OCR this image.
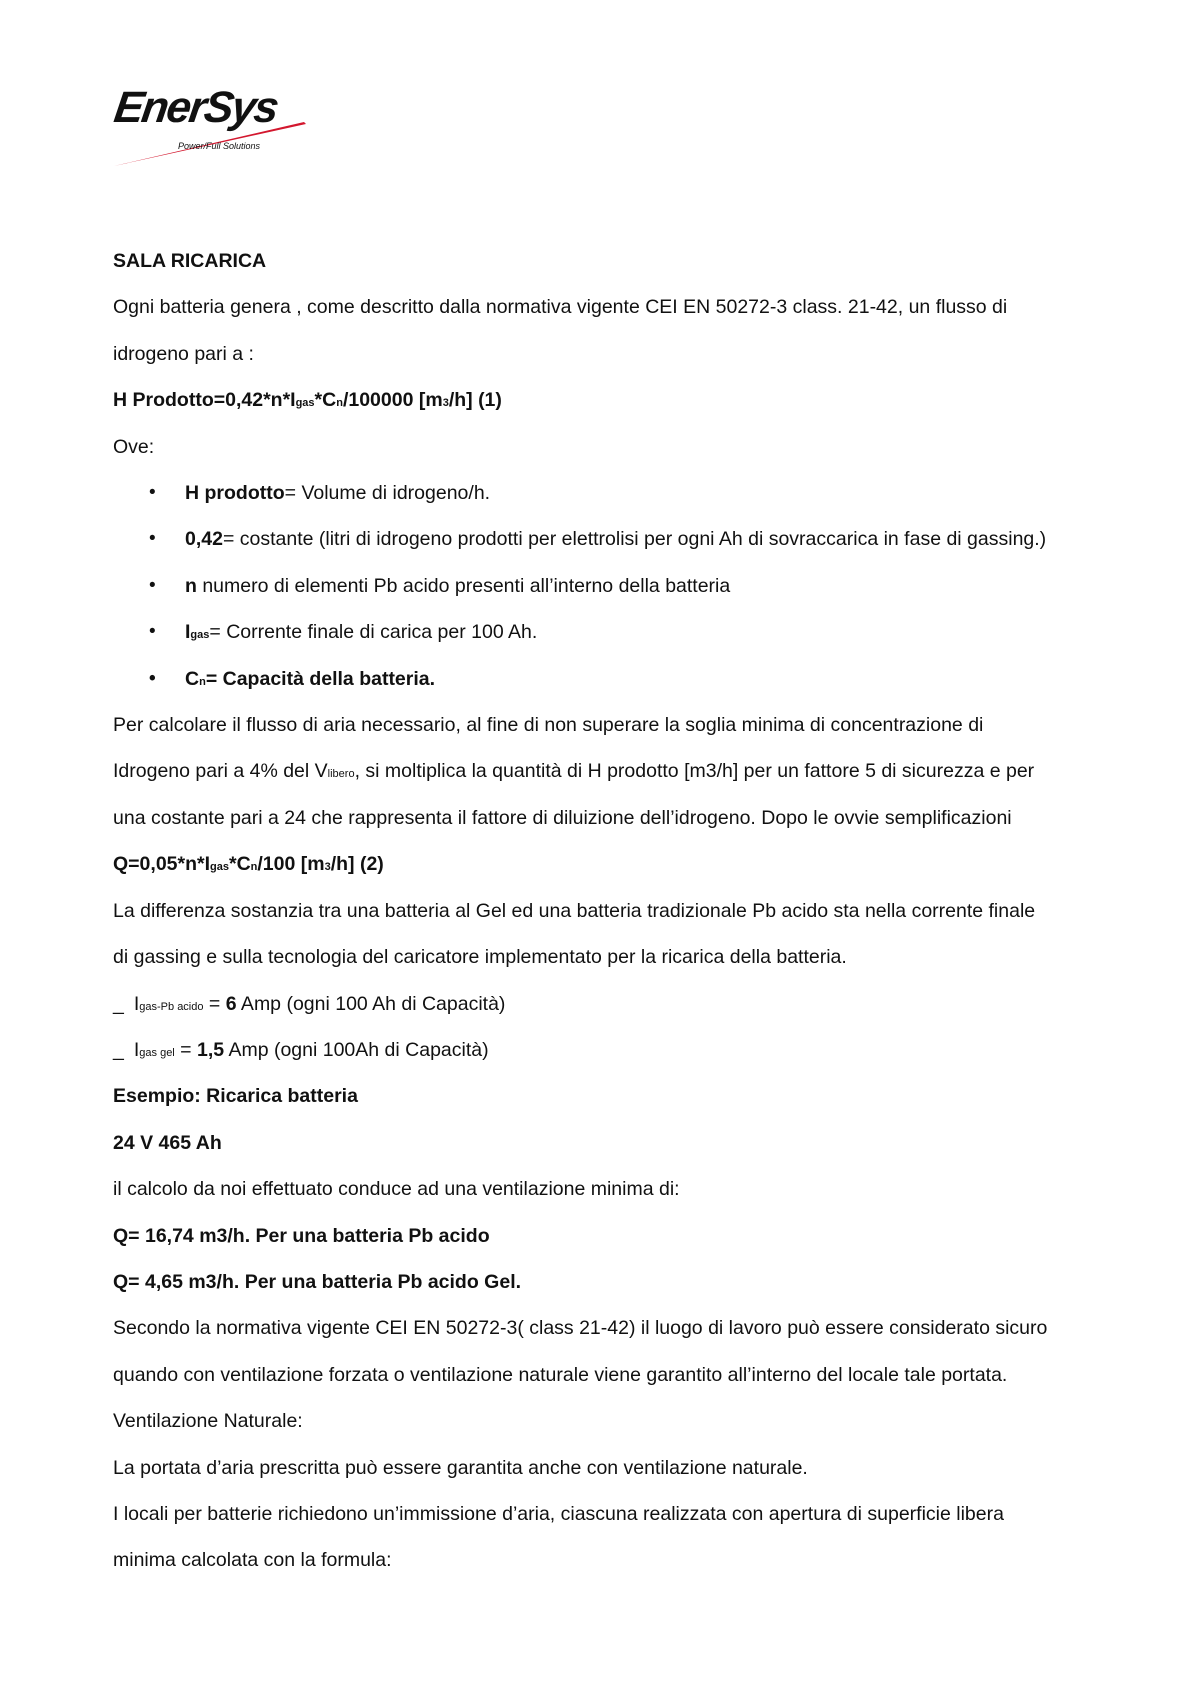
EnerSys
Power/Full Solutions
SALA RICARICA
Ogni batteria genera , come descritto dalla normativa vigente CEI EN 50272-3 class. 21-42, un flusso di
idrogeno pari a :
H Prodotto=0,42*n*Igas*Cn/100000 [m3/h] (1)
Ove:
• H prodotto= Volume di idrogeno/h.
• 0,42= costante (litri di idrogeno prodotti per elettrolisi per ogni Ah di sovraccarica in fase di gassing.)
• n numero di elementi Pb acido presenti all’interno della batteria
• Igas= Corrente finale di carica per 100 Ah.
• Cn= Capacità della batteria.
Per calcolare il flusso di aria necessario, al fine di non superare la soglia minima di concentrazione di
Idrogeno pari a 4% del Vlibero, si moltiplica la quantità di H prodotto [m3/h] per un fattore 5 di sicurezza e per
una costante pari a 24 che rappresenta il fattore di diluizione dell’idrogeno. Dopo le ovvie semplificazioni
Q=0,05*n*Igas*Cn/100 [m3/h] (2)
La differenza sostanzia tra una batteria al Gel ed una batteria tradizionale Pb acido sta nella corrente finale
di gassing e sulla tecnologia del caricatore implementato per la ricarica della batteria.
_ Igas-Pb acido = 6 Amp (ogni 100 Ah di Capacità)
_ Igas gel = 1,5 Amp (ogni 100Ah di Capacità)
Esempio: Ricarica batteria
24 V 465 Ah
il calcolo da noi effettuato conduce ad una ventilazione minima di:
Q= 16,74 m3/h. Per una batteria Pb acido
Q= 4,65 m3/h. Per una batteria Pb acido Gel.
Secondo la normativa vigente CEI EN 50272-3( class 21-42) il luogo di lavoro può essere considerato sicuro
quando con ventilazione forzata o ventilazione naturale viene garantito all’interno del locale tale portata.
Ventilazione Naturale:
La portata d’aria prescritta può essere garantita anche con ventilazione naturale.
I locali per batterie richiedono un’immissione d’aria, ciascuna realizzata con apertura di superficie libera
minima calcolata con la formula:
